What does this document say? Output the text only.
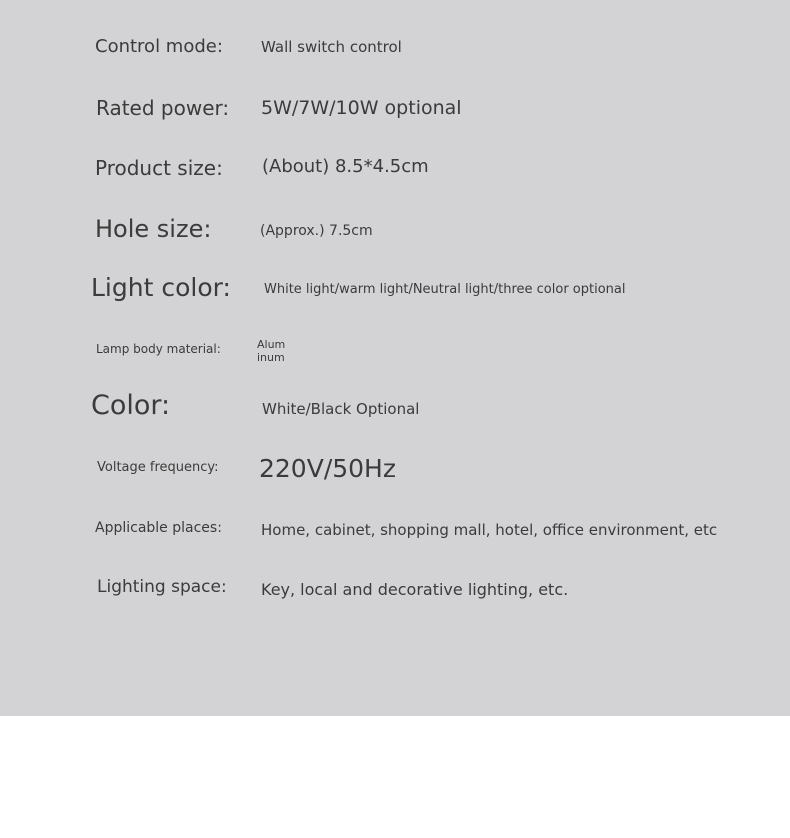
Control mode:	Wall switch control
Rated power: 5W/7W/10W optional
Product size: (About) 8.5*4.5cm
Hole size:	(Approx.) 7.5cm
Light color:	White light/warm light/Neutral light/three color optional
Lamp body material:	Alum inum
Color:	White/Black Optional
Voltage frequency: 220V/50Hz
Applicable places:	Home, cabinet, shopping mall, hotel, office environment, etc
Lighting space: Key, local and decorative lighting, etc.
